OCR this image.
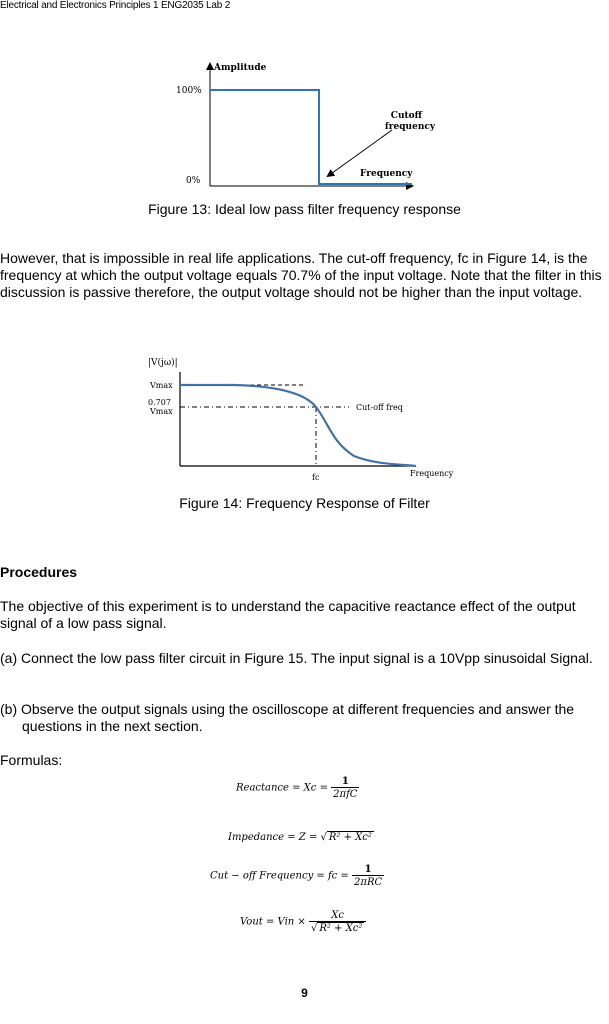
Electrical and Electronics Principles 1 ENG2035 Lab 2
Amplitude
100%
0%
Cutoff frequency
Frequency
Figure 13: Ideal low pass filter frequency response
However, that is impossible in real life applications. The cut-off frequency, fc in Figure 14, is the frequency at which the output voltage equals 70.7% of the input voltage. Note that the filter in this discussion is passive therefore, the output voltage should not be higher than the input voltage.
|V(jω)|
Vmax
0.707
Vmax	Cut-off freq
fc	Frequency
Figure 14: Frequency Response of Filter
Procedures
The objective of this experiment is to understand the capacitive reactance effect of the output signal of a low pass signal.
(a) Connect the low pass filter circuit in Figure 15. The input signal is a 10Vpp sinusoidal Signal.
(b) Observe the output signals using the oscilloscope at different frequencies and answer the questions in the next section.
Formulas:
Reactance = $Xc = \frac{1}{\text{2πfC}}$
Impedance = Z = √ R² + Xc²
Cut − off Frequency = fc = $\frac{1}{\text{2πRC}}$
Vout = Vin × $\frac{Xc}{\text{√ R² + Xc²}}$
9
